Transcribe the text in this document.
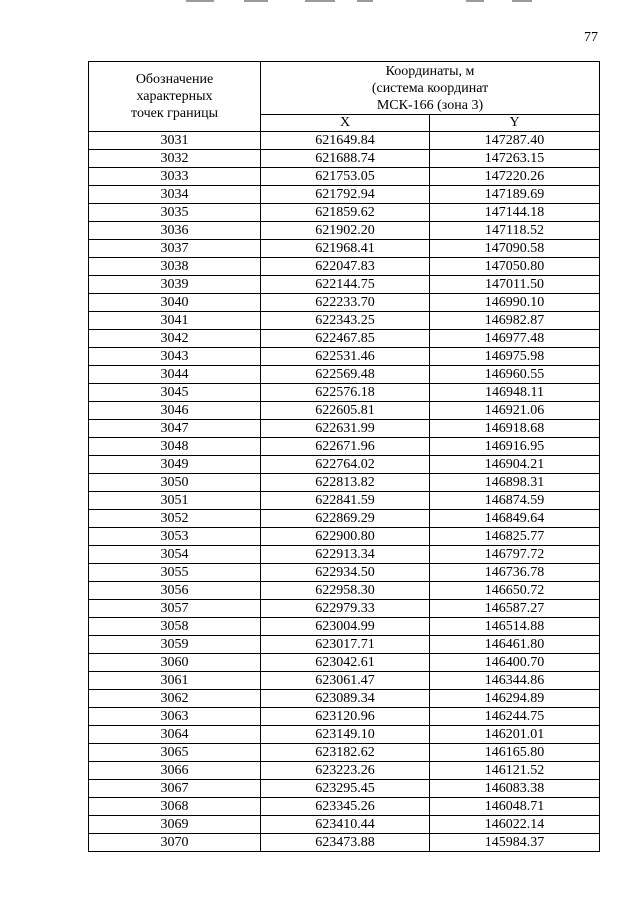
77
Обозначение
характерных
точек границы	Координаты, м
(система координат
МСК-166 (зона 3)	

	X	Y
3031	621649.84	147287.40
3032	621688.74	147263.15
3033	621753.05	147220.26
3034	621792.94	147189.69
3035	621859.62	147144.18
3036	621902.20	147118.52
3037	621968.41	147090.58
3038	622047.83	147050.80
3039	622144.75	147011.50
3040	622233.70	146990.10
3041	622343.25	146982.87
3042	622467.85	146977.48
3043	622531.46	146975.98
3044	622569.48	146960.55
3045	622576.18	146948.11
3046	622605.81	146921.06
3047	622631.99	146918.68
3048	622671.96	146916.95
3049	622764.02	146904.21
3050	622813.82	146898.31
3051	622841.59	146874.59
3052	622869.29	146849.64
3053	622900.80	146825.77
3054	622913.34	146797.72
3055	622934.50	146736.78
3056	622958.30	146650.72
3057	622979.33	146587.27
3058	623004.99	146514.88
3059	623017.71	146461.80
3060	623042.61	146400.70
3061	623061.47	146344.86
3062	623089.34	146294.89
3063	623120.96	146244.75
3064	623149.10	146201.01
3065	623182.62	146165.80
3066	623223.26	146121.52
3067	623295.45	146083.38
3068	623345.26	146048.71
3069	623410.44	146022.14
3070	623473.88	145984.37
